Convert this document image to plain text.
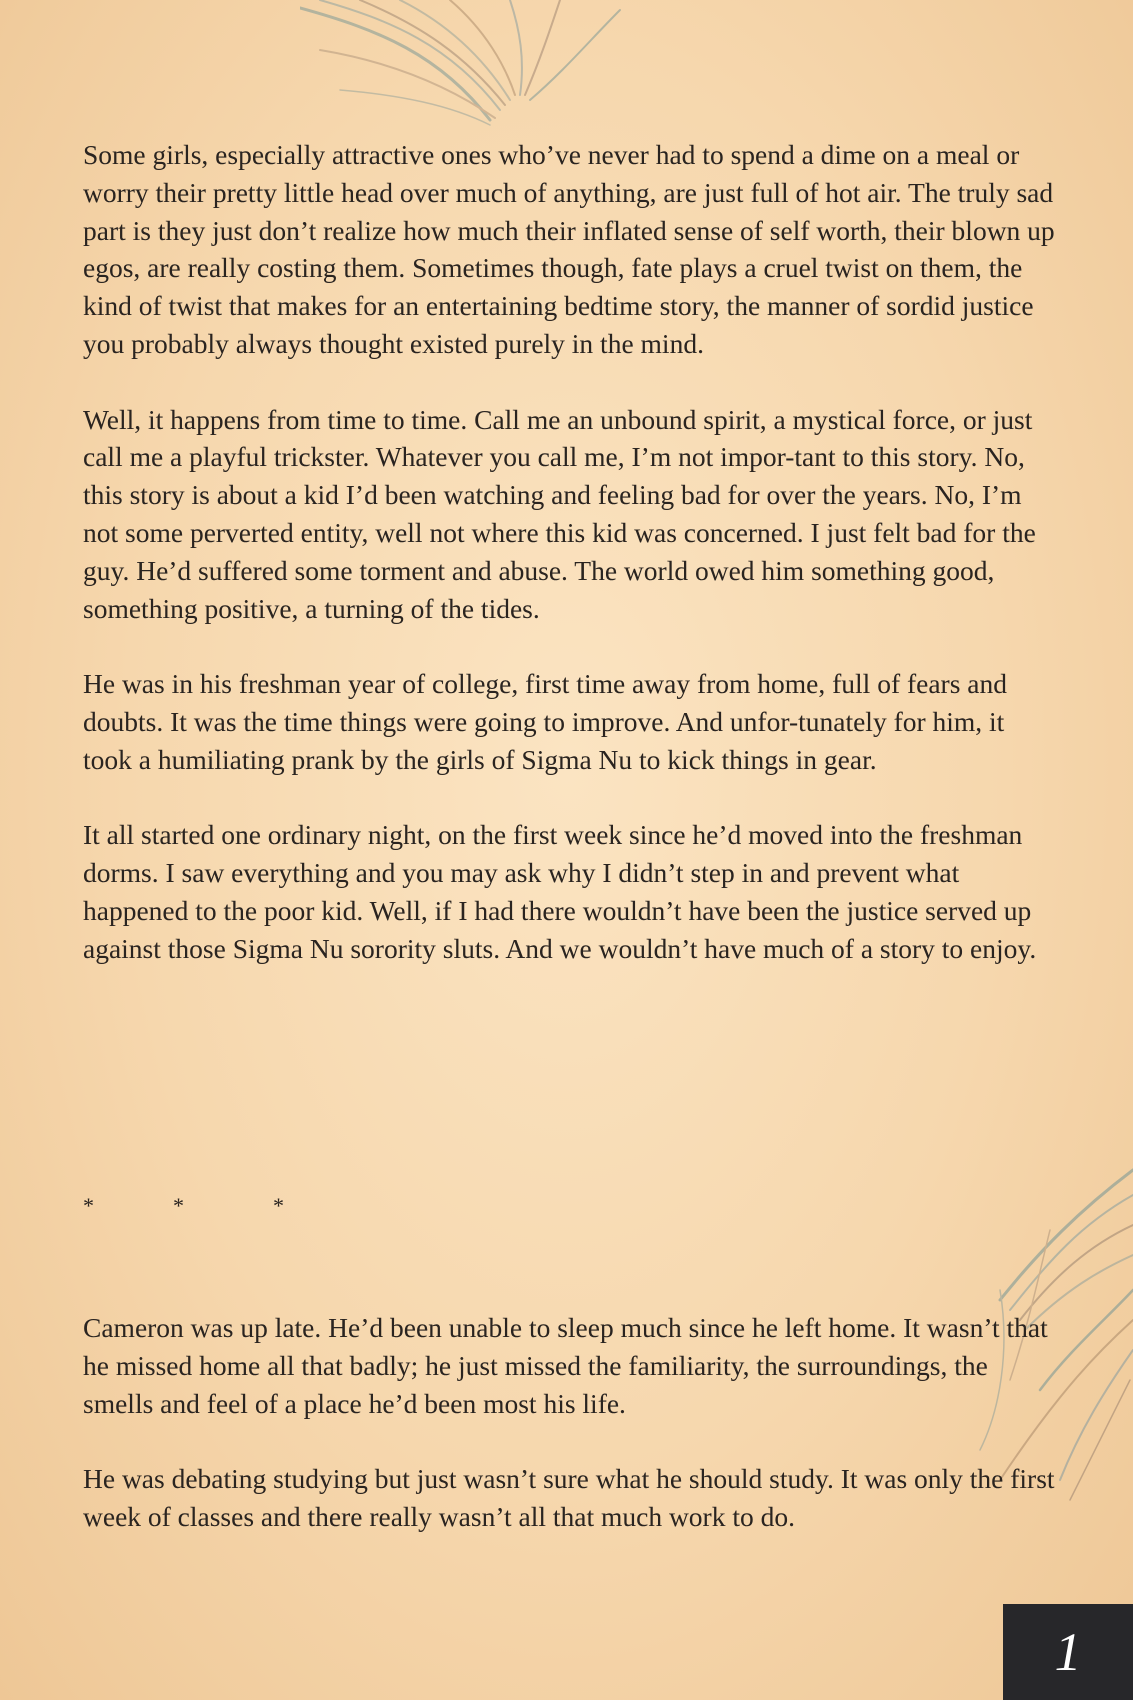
Some girls, especially attractive ones who’ve never had to spend a dime on a meal or worry their pretty little head over much of anything, are just full of hot air. The truly sad part is they just don’t realize how much their inflated sense of self worth, their blown up egos, are really costing them. Sometimes though, fate plays a cruel twist on them, the kind of twist that makes for an entertaining bedtime story, the manner of sordid justice you probably always thought existed purely in the mind.

Well, it happens from time to time. Call me an unbound spirit, a mystical force, or just call me a playful trickster. Whatever you call me, I’m not impor-tant to this story. No, this story is about a kid I’d been watching and feeling bad for over the years. No, I’m not some perverted entity, well not where this kid was concerned. I just felt bad for the guy. He’d suffered some torment and abuse. The world owed him something good, something positive, a turning of the tides.

He was in his freshman year of college, first time away from home, full of fears and doubts. It was the time things were going to improve. And unfor-tunately for him, it took a humiliating prank by the girls of Sigma Nu to kick things in gear.

It all started one ordinary night, on the first week since he’d moved into the freshman dorms. I saw everything and you may ask why I didn’t step in and prevent what happened to the poor kid. Well, if I had there wouldn’t have been the justice served up against those Sigma Nu sorority sluts. And we wouldn’t have much of a story to enjoy.

*	*	*

Cameron was up late. He’d been unable to sleep much since he left home. It wasn’t that he missed home all that badly; he just missed the familiarity, the surroundings, the smells and feel of a place he’d been most his life.

He was debating studying but just wasn’t sure what he should study. It was only the first week of classes and there really wasn’t all that much work to do.

1
